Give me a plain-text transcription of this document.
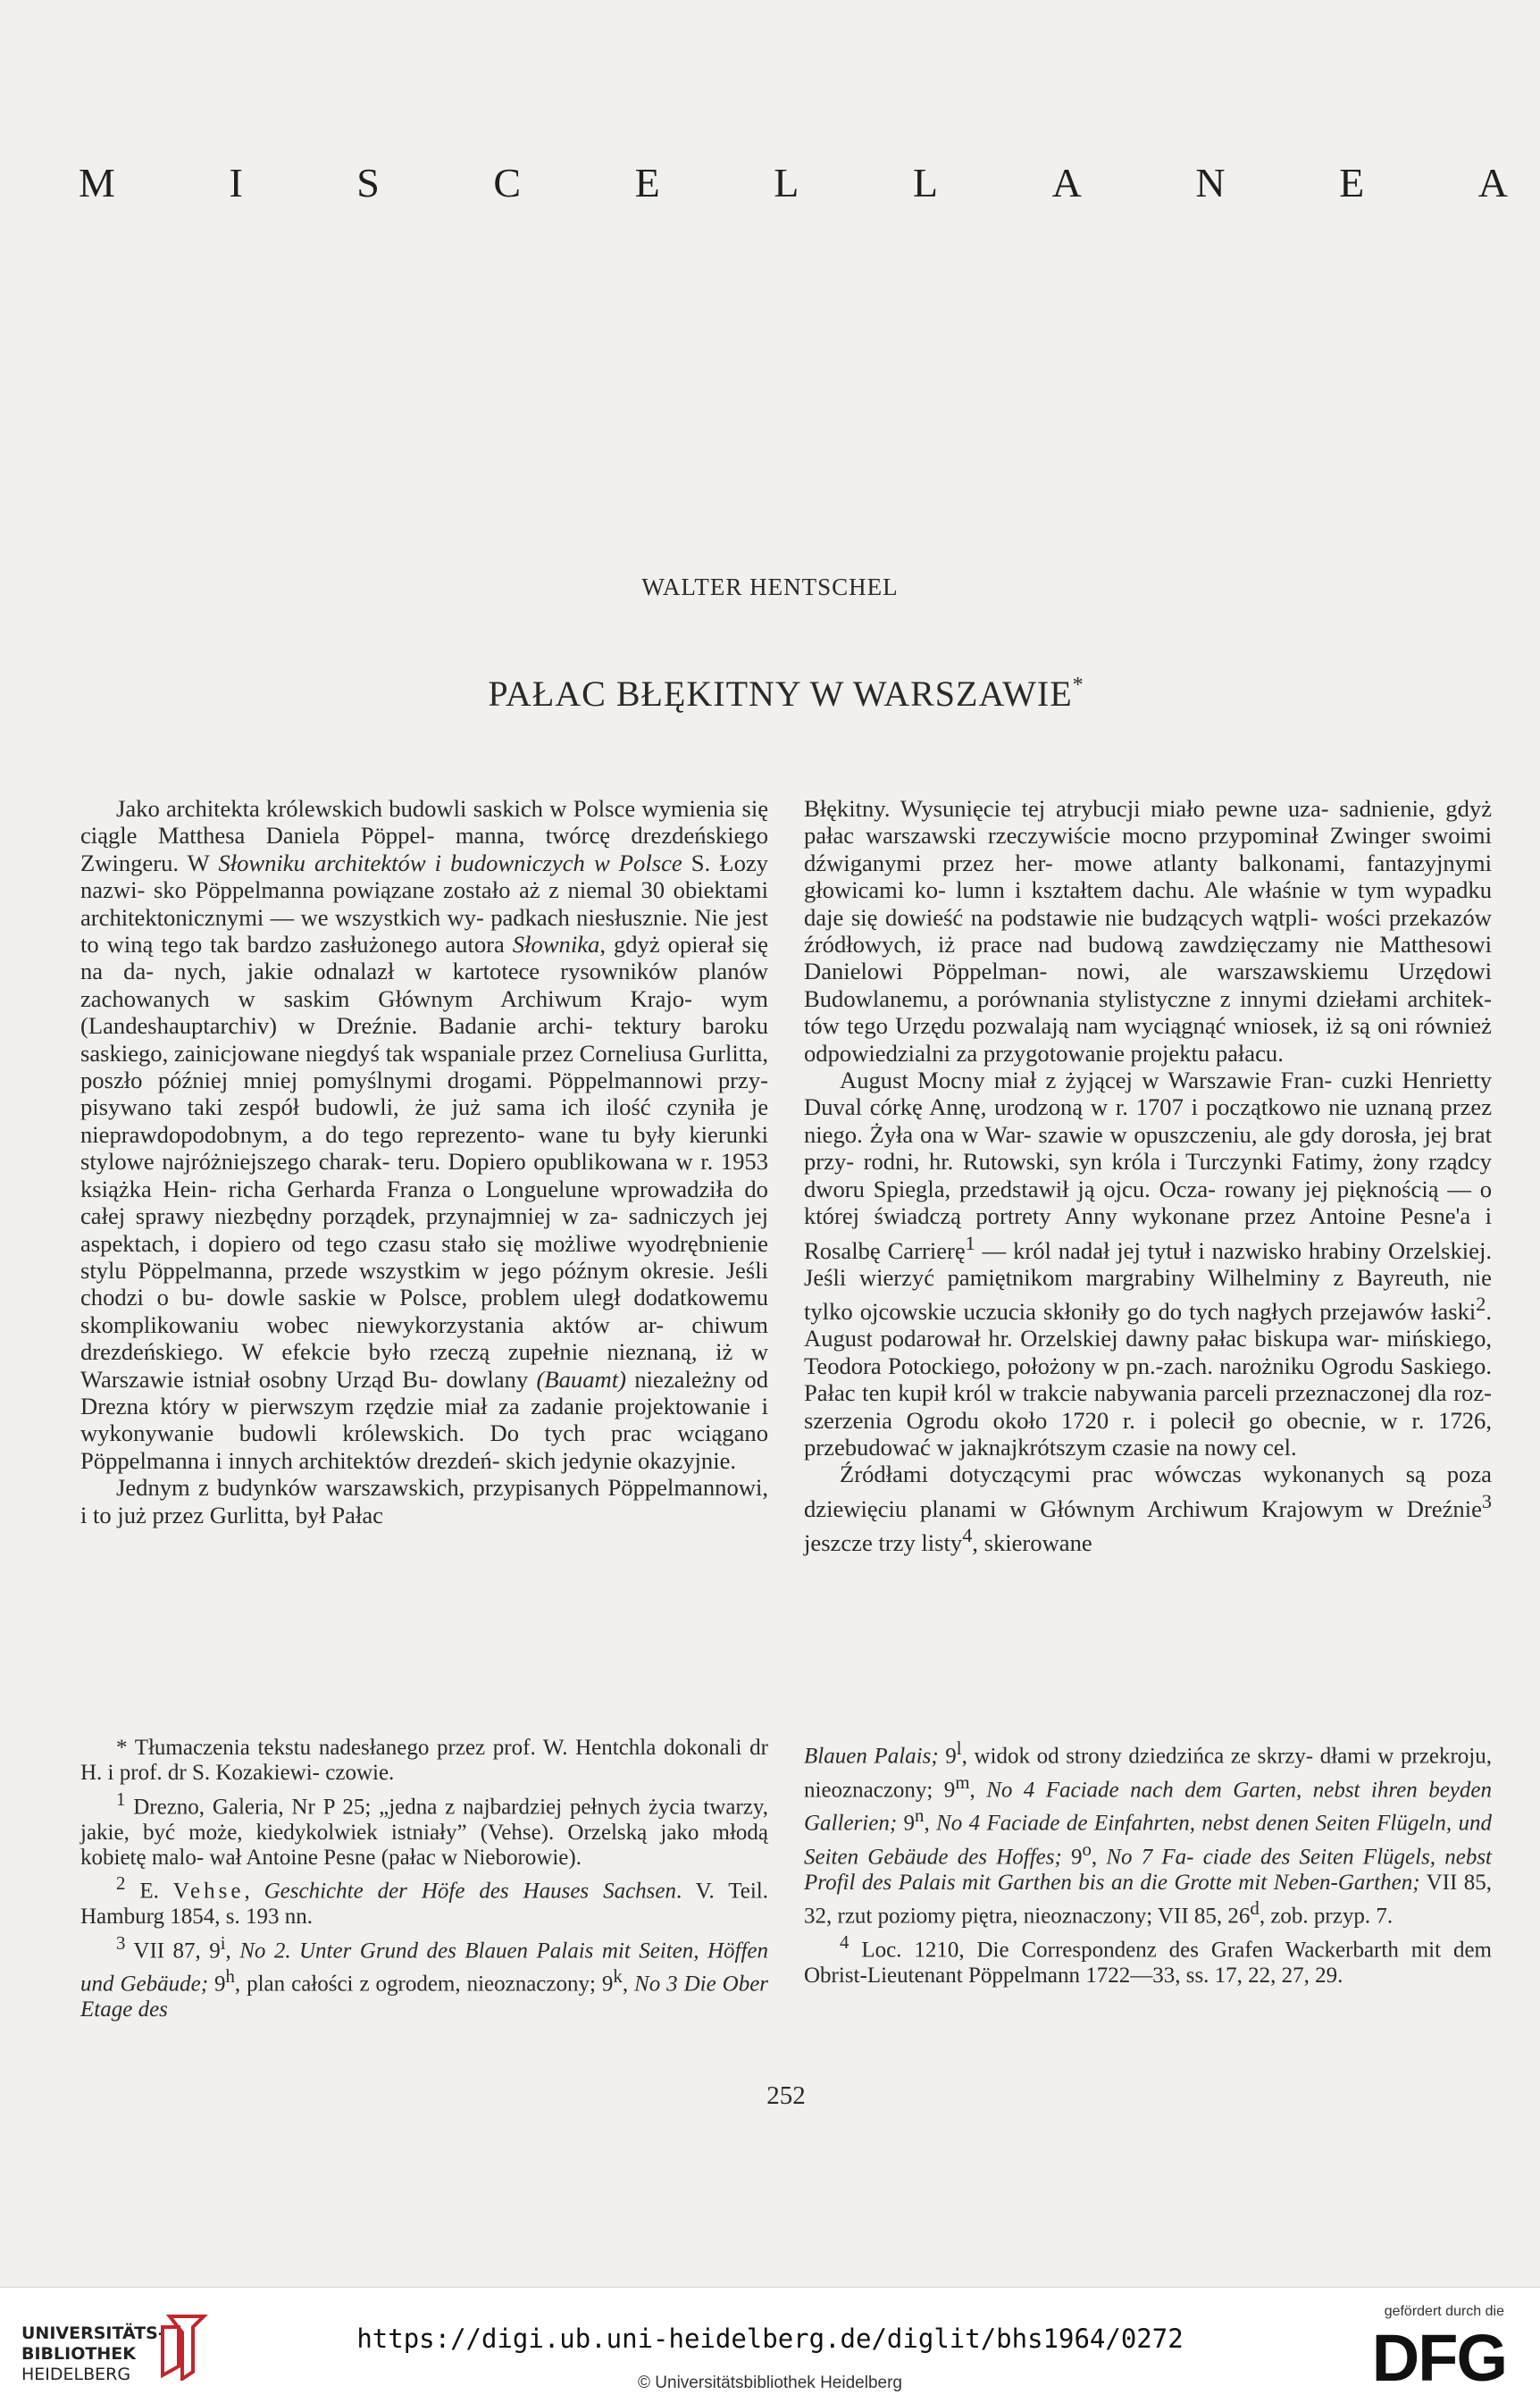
M	I	S	C	E	L	L	A	N	E	A
WALTER HENTSCHEL
PAŁAC BŁĘKITNY W WARSZAWIE*

Jako architekta królewskich budowli saskich w Polsce wymienia się ciągle Matthesa Daniela Pöppel- manna, twórcę drezdeńskiego Zwingeru. W Słowniku architektów i budowniczych w Polsce S. Łozy nazwi- sko Pöppelmanna powiązane zostało aż z niemal 30 obiektami architektonicznymi — we wszystkich wy- padkach niesłusznie. Nie jest to winą tego tak bardzo zasłużonego autora Słownika, gdyż opierał się na da- nych, jakie odnalazł w kartotece rysowników planów zachowanych w saskim Głównym Archiwum Krajo- wym (Landeshauptarchiv) w Dreźnie. Badanie archi- tektury baroku saskiego, zainicjowane niegdyś tak wspaniale przez Corneliusa Gurlitta, poszło później mniej pomyślnymi drogami. Pöppelmannowi przy- pisywano taki zespół budowli, że już sama ich ilość czyniła je nieprawdopodobnym, a do tego reprezento- wane tu były kierunki stylowe najróżniejszego charak- teru. Dopiero opublikowana w r. 1953 książka Hein- richa Gerharda Franza o Longuelune wprowadziła do całej sprawy niezbędny porządek, przynajmniej w za- sadniczych jej aspektach, i dopiero od tego czasu stało się możliwe wyodrębnienie stylu Pöppelmanna, przede wszystkim w jego późnym okresie. Jeśli chodzi o bu- dowle saskie w Polsce, problem uległ dodatkowemu skomplikowaniu wobec niewykorzystania aktów ar- chiwum drezdeńskiego. W efekcie było rzeczą zupełnie nieznaną, iż w Warszawie istniał osobny Urząd Bu- dowlany (Bauamt) niezależny od Drezna który w pierwszym rzędzie miał za zadanie projektowanie i wykonywanie budowli królewskich. Do tych prac wciągano Pöppelmanna i innych architektów drezdeń- skich jedynie okazyjnie.

Jednym z budynków warszawskich, przypisanych Pöppelmannowi, i to już przez Gurlitta, był Pałac

Błękitny. Wysunięcie tej atrybucji miało pewne uza- sadnienie, gdyż pałac warszawski rzeczywiście mocno przypominał Zwinger swoimi dźwiganymi przez her- mowe atlanty balkonami, fantazyjnymi głowicami ko- lumn i kształtem dachu. Ale właśnie w tym wypadku daje się dowieść na podstawie nie budzących wątpli- wości przekazów źródłowych, iż prace nad budową zawdzięczamy nie Matthesowi Danielowi Pöppelman- nowi, ale warszawskiemu Urzędowi Budowlanemu, a porównania stylistyczne z innymi dziełami architek- tów tego Urzędu pozwalają nam wyciągnąć wniosek, iż są oni również odpowiedzialni za przygotowanie projektu pałacu.

August Mocny miał z żyjącej w Warszawie Fran- cuzki Henrietty Duval córkę Annę, urodzoną w r. 1707 i początkowo nie uznaną przez niego. Żyła ona w War- szawie w opuszczeniu, ale gdy dorosła, jej brat przy- rodni, hr. Rutowski, syn króla i Turczynki Fatimy, żony rządcy dworu Spiegla, przedstawił ją ojcu. Ocza- rowany jej pięknością — o której świadczą portrety Anny wykonane przez Antoine Pesne'a i Rosalbę Carrierę$^1$ — król nadał jej tytuł i nazwisko hrabiny Orzelskiej. Jeśli wierzyć pamiętnikom margrabiny Wilhelminy z Bayreuth, nie tylko ojcowskie uczucia skłoniły go do tych nagłych przejawów łaski$^2$. August podarował hr. Orzelskiej dawny pałac biskupa war- mińskiego, Teodora Potockiego, położony w pn.-zach. narożniku Ogrodu Saskiego. Pałac ten kupił król w trakcie nabywania parceli przeznaczonej dla roz- szerzenia Ogrodu około 1720 r. i polecił go obecnie, w r. 1726, przebudować w jaknajkrótszym czasie na nowy cel.

Źródłami dotyczącymi prac wówczas wykonanych są poza dziewięciu planami w Głównym Archiwum Krajowym w Dreźnie$^3$ jeszcze trzy listy$^4$, skierowane

* Tłumaczenia tekstu nadesłanego przez prof. W. Hentchla dokonali dr H. i prof. dr S. Kozakiewi- czowie.

$^1$ Drezno, Galeria, Nr P 25; „jedna z najbardziej pełnych życia twarzy, jakie, być może, kiedykolwiek istniały” (Vehse). Orzelską jako młodą kobietę malo- wał Antoine Pesne (pałac w Nieborowie).

$^2$ E. Vehse, Geschichte der Höfe des Hauses Sachsen. V. Teil. Hamburg 1854, s. 193 nn.

$^3$ VII 87, 9$^i$, No 2. Unter Grund des Blauen Palais mit Seiten, Höffen und Gebäude; 9$^h$, plan całości z ogrodem, nieoznaczony; 9$^k$, No 3 Die Ober Etage des

Blauen Palais; 9$^l$, widok od strony dziedzińca ze skrzy- dłami w przekroju, nieoznaczony; 9$^m$, No 4 Faciade nach dem Garten, nebst ihren beyden Gallerien; 9$^n$, No 4 Faciade de Einfahrten, nebst denen Seiten Flügeln, und Seiten Gebäude des Hoffes; 9$^o$, No 7 Fa- ciade des Seiten Flügels, nebst Profil des Palais mit Garthen bis an die Grotte mit Neben-Garthen; VII 85, 32, rzut poziomy piętra, nieoznaczony; VII 85, 26$^d$, zob. przyp. 7.

$^4$ Loc. 1210, Die Correspondenz des Grafen Wackerbarth mit dem Obrist-Lieutenant Pöppelmann 1722—33, ss. 17, 22, 27, 29.

252
UNIVERSITÄTS-
BIBLIOTHEK
HEIDELBERG
https://digi.ub.uni-heidelberg.de/diglit/bhs1964/0272
© Universitätsbibliothek Heidelberg
gefördert durch die
DFG
